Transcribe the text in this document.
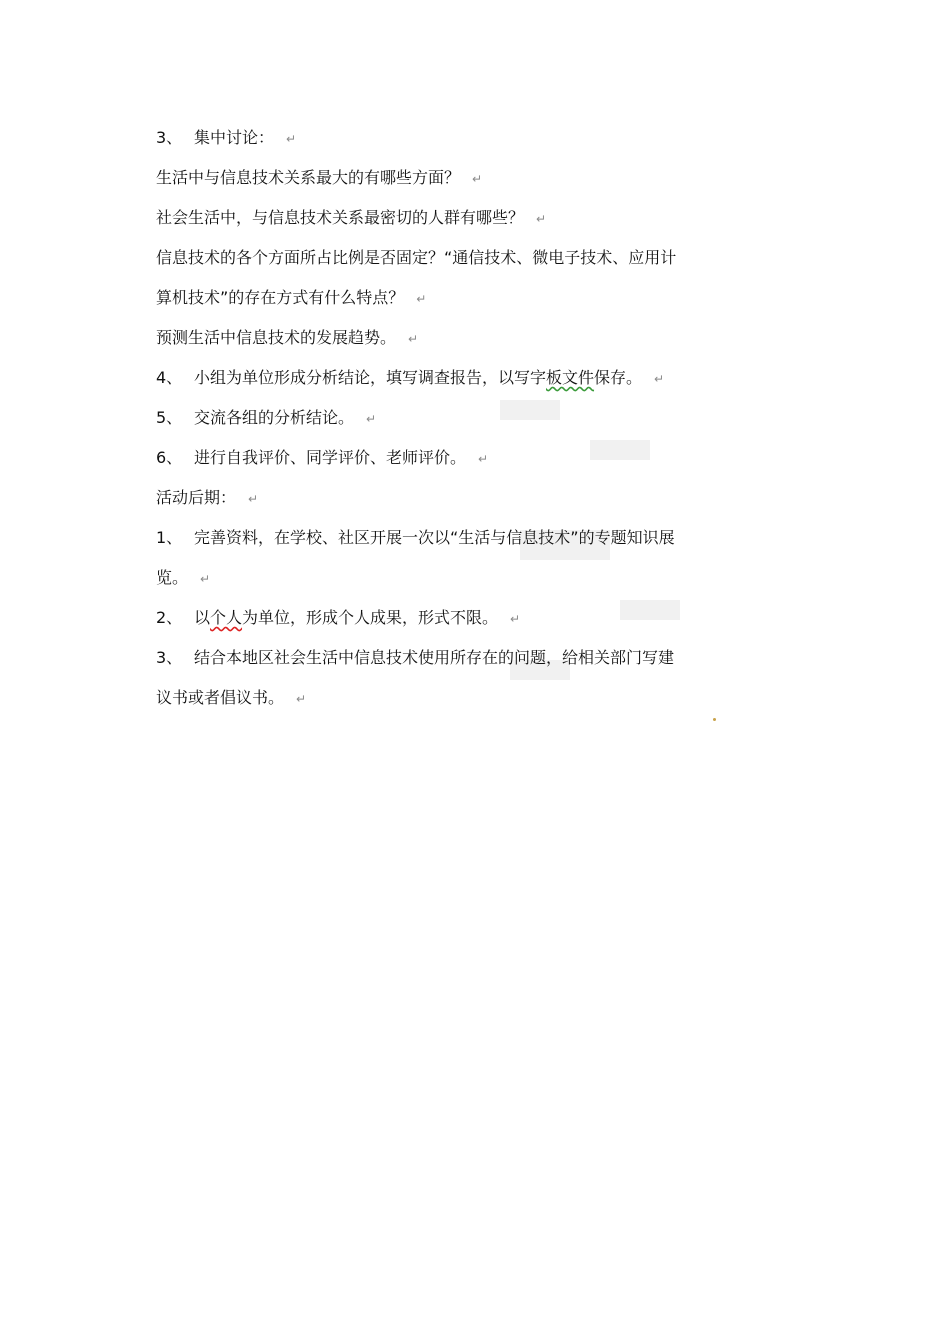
3、 集中讨论： ↵
生活中与信息技术关系最大的有哪些方面？ ↵
社会生活中，与信息技术关系最密切的人群有哪些？ ↵
信息技术的各个方面所占比例是否固定？“通信技术、微电子技术、应用计
算机技术”的存在方式有什么特点？ ↵
预测生活中信息技术的发展趋势。 ↵
4、 小组为单位形成分析结论，填写调查报告，以写字板文件保存。 ↵
5、 交流各组的分析结论。 ↵
6、 进行自我评价、同学评价、老师评价。 ↵
活动后期： ↵
1、 完善资料，在学校、社区开展一次以“生活与信息技术”的专题知识展
览。 ↵
2、 以个人为单位，形成个人成果，形式不限。 ↵
3、 结合本地区社会生活中信息技术使用所存在的问题，给相关部门写建
议书或者倡议书。 ↵
